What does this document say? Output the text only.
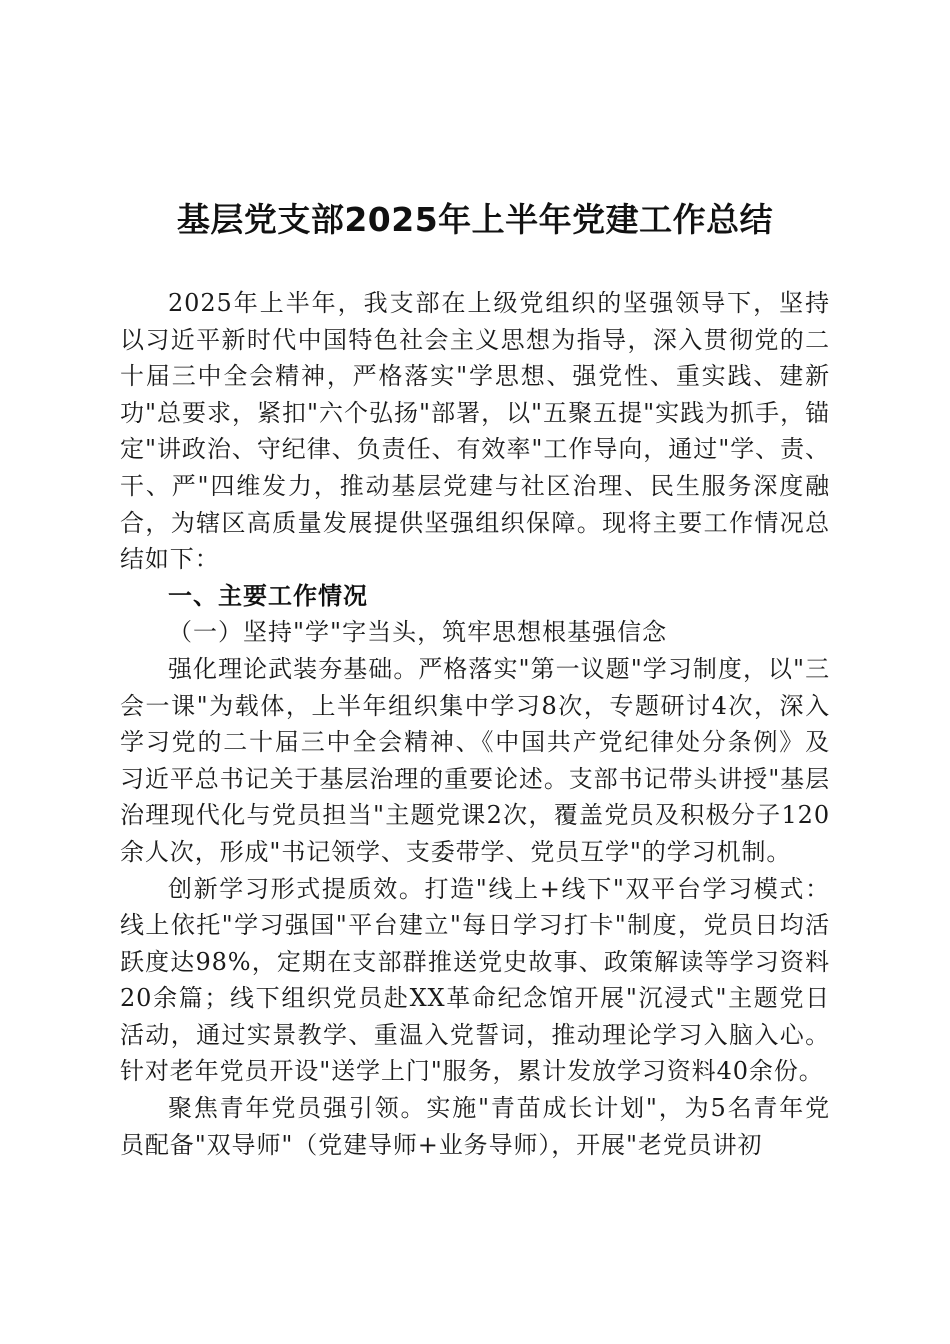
基层党支部2025年上半年党建工作总结

2025年上半年，我支部在上级党组织的坚强领导下，坚持以习近平新时代中国特色社会主义思想为指导，深入贯彻党的二十届三中全会精神，严格落实"学思想、强党性、重实践、建新功"总要求，紧扣"六个弘扬"部署，以"五聚五提"实践为抓手，锚定"讲政治、守纪律、负责任、有效率"工作导向，通过"学、责、干、严"四维发力，推动基层党建与社区治理、民生服务深度融合，为辖区高质量发展提供坚强组织保障。现将主要工作情况总结如下：

一、主要工作情况

（一）坚持"学"字当头，筑牢思想根基强信念

强化理论武装夯基础。严格落实"第一议题"学习制度，以"三会一课"为载体，上半年组织集中学习8次，专题研讨4次，深入学习党的二十届三中全会精神、《中国共产党纪律处分条例》及习近平总书记关于基层治理的重要论述。支部书记带头讲授"基层治理现代化与党员担当"主题党课2次，覆盖党员及积极分子120余人次，形成"书记领学、支委带学、党员互学"的学习机制。

创新学习形式提质效。打造"线上+线下"双平台学习模式：线上依托"学习强国"平台建立"每日学习打卡"制度，党员日均活跃度达98%，定期在支部群推送党史故事、政策解读等学习资料20余篇；线下组织党员赴XX革命纪念馆开展"沉浸式"主题党日活动，通过实景教学、重温入党誓词，推动理论学习入脑入心。针对老年党员开设"送学上门"服务，累计发放学习资料40余份。

聚焦青年党员强引领。实施"青苗成长计划"，为5名青年党员配备"双导师"（党建导师+业务导师），开展"老党员讲初
